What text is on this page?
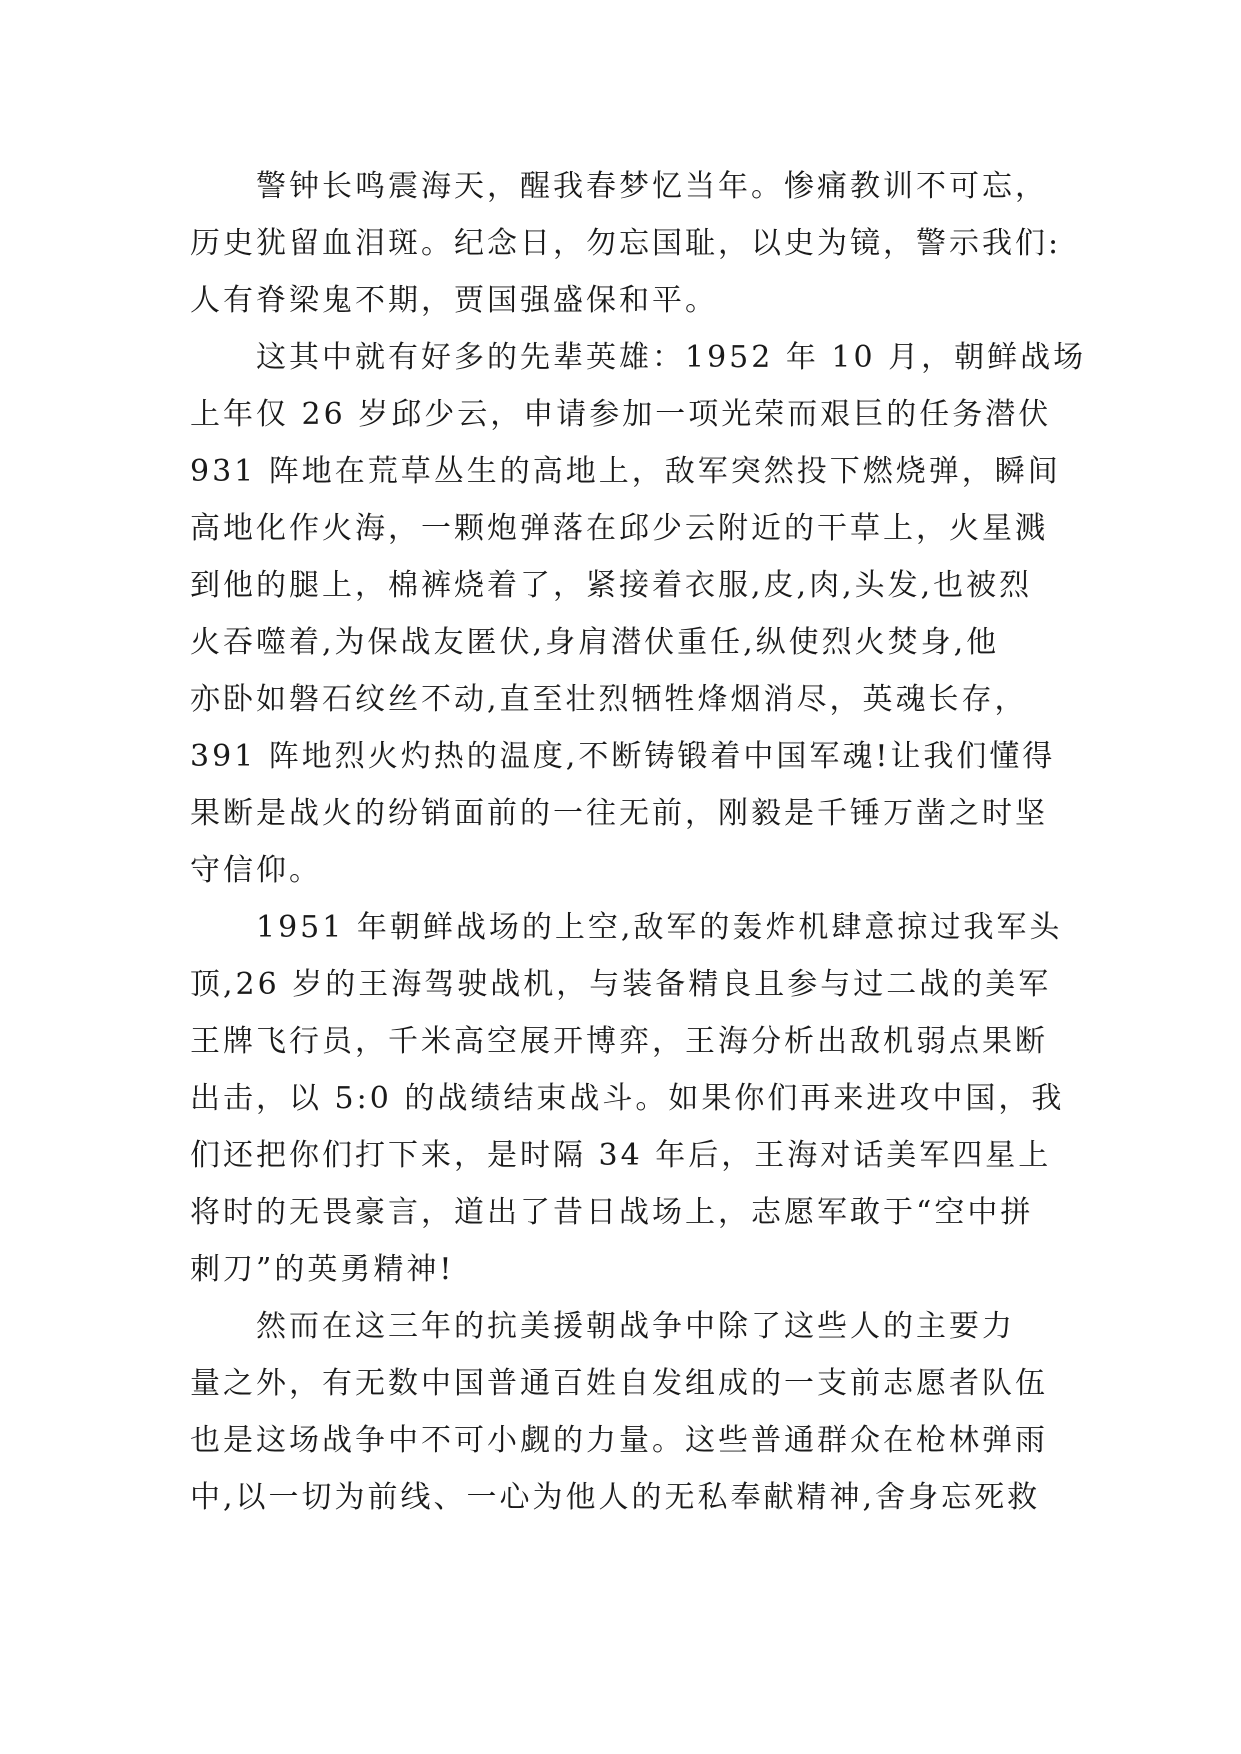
　　警钟长鸣震海天，醒我春梦忆当年。惨痛教训不可忘，
历史犹留血泪斑。纪念日，勿忘国耻，以史为镜，警示我们:
人有脊梁鬼不期，贾国强盛保和平。
　　这其中就有好多的先辈英雄：1952 年 10 月，朝鲜战场
上年仅 26 岁邱少云，申请参加一项光荣而艰巨的任务潜伏
931 阵地在荒草丛生的高地上，敌军突然投下燃烧弹，瞬间
高地化作火海，一颗炮弹落在邱少云附近的干草上，火星溅
到他的腿上，棉裤烧着了，紧接着衣服,皮,肉,头发,也被烈
火吞噬着,为保战友匿伏,身肩潜伏重任,纵使烈火焚身,他
亦卧如磐石纹丝不动,直至壮烈牺牲烽烟消尽，英魂长存，
391 阵地烈火灼热的温度,不断铸锻着中国军魂!让我们懂得
果断是战火的纷销面前的一往无前，刚毅是千锤万凿之时坚
守信仰。
　　1951 年朝鲜战场的上空,敌军的轰炸机肆意掠过我军头
顶,26 岁的王海驾驶战机，与装备精良且参与过二战的美军
王牌飞行员，千米高空展开博弈，王海分析出敌机弱点果断
出击，以 5:0 的战绩结束战斗。如果你们再来进攻中国，我
们还把你们打下来，是时隔 34 年后，王海对话美军四星上
将时的无畏豪言，道出了昔日战场上，志愿军敢于“空中拼
刺刀”的英勇精神!
　　然而在这三年的抗美援朝战争中除了这些人的主要力
量之外，有无数中国普通百姓自发组成的一支前志愿者队伍
也是这场战争中不可小觑的力量。这些普通群众在枪林弹雨
中,以一切为前线、一心为他人的无私奉献精神,舍身忘死救
